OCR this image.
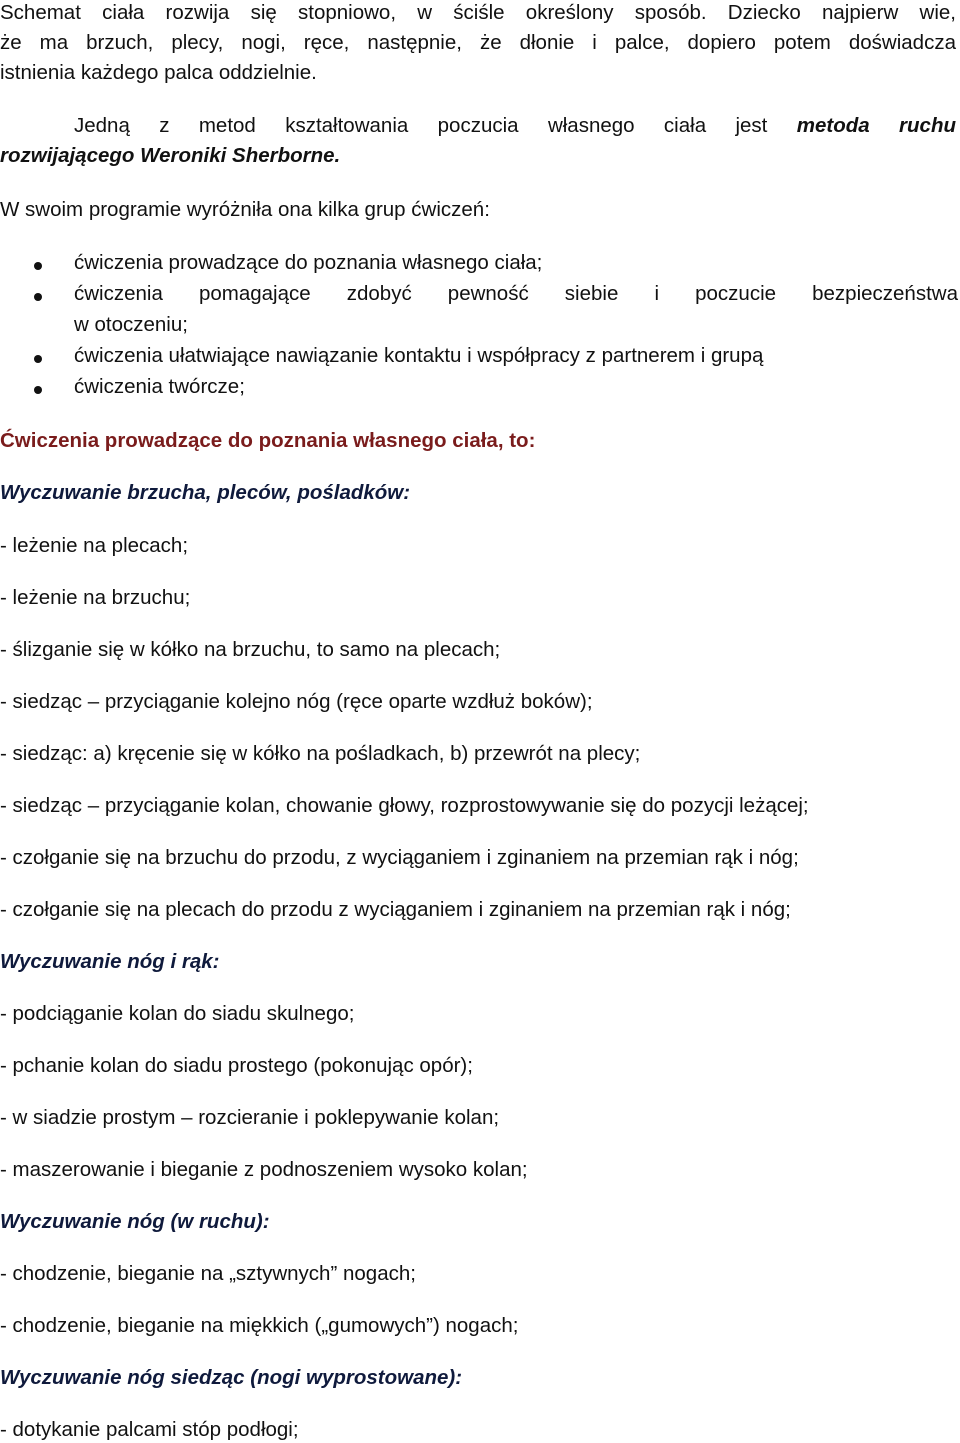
Schemat ciała rozwija się stopniowo, w ściśle określony sposób. Dziecko najpierw wie,
że ma brzuch, plecy, nogi, ręce, następnie, że dłonie i palce, dopiero potem doświadcza
istnienia każdego palca oddzielnie.
Jedną z metod kształtowania poczucia własnego ciała jest metoda ruchu
rozwijającego Weroniki Sherborne.
W swoim programie wyróżniła ona kilka grup ćwiczeń:
ćwiczenia prowadzące do poznania własnego ciała;
ćwiczenia pomagające zdobyć pewność siebie i poczucie bezpieczeństwa
w otoczeniu;
ćwiczenia ułatwiające nawiązanie kontaktu i współpracy z partnerem i grupą
ćwiczenia twórcze;
Ćwiczenia prowadzące do poznania własnego ciała, to:
Wyczuwanie brzucha, pleców, pośladków:
- leżenie na plecach;
- leżenie na brzuchu;
- ślizganie się w kółko na brzuchu, to samo na plecach;
- siedząc – przyciąganie kolejno nóg (ręce oparte wzdłuż boków);
- siedząc: a) kręcenie się w kółko na pośladkach, b) przewrót na plecy;
- siedząc – przyciąganie kolan, chowanie głowy, rozprostowywanie się do pozycji leżącej;
- czołganie się na brzuchu do przodu, z wyciąganiem i zginaniem na przemian rąk i nóg;
- czołganie się na plecach do przodu z wyciąganiem i zginaniem na przemian rąk i nóg;
Wyczuwanie nóg i rąk:
- podciąganie kolan do siadu skulnego;
- pchanie kolan do siadu prostego (pokonując opór);
- w siadzie prostym – rozcieranie i poklepywanie kolan;
- maszerowanie i bieganie z podnoszeniem wysoko kolan;
Wyczuwanie nóg (w ruchu):
- chodzenie, bieganie na „sztywnych” nogach;
- chodzenie, bieganie na miękkich („gumowych”) nogach;
Wyczuwanie nóg siedząc (nogi wyprostowane):
- dotykanie palcami stóp podłogi;
